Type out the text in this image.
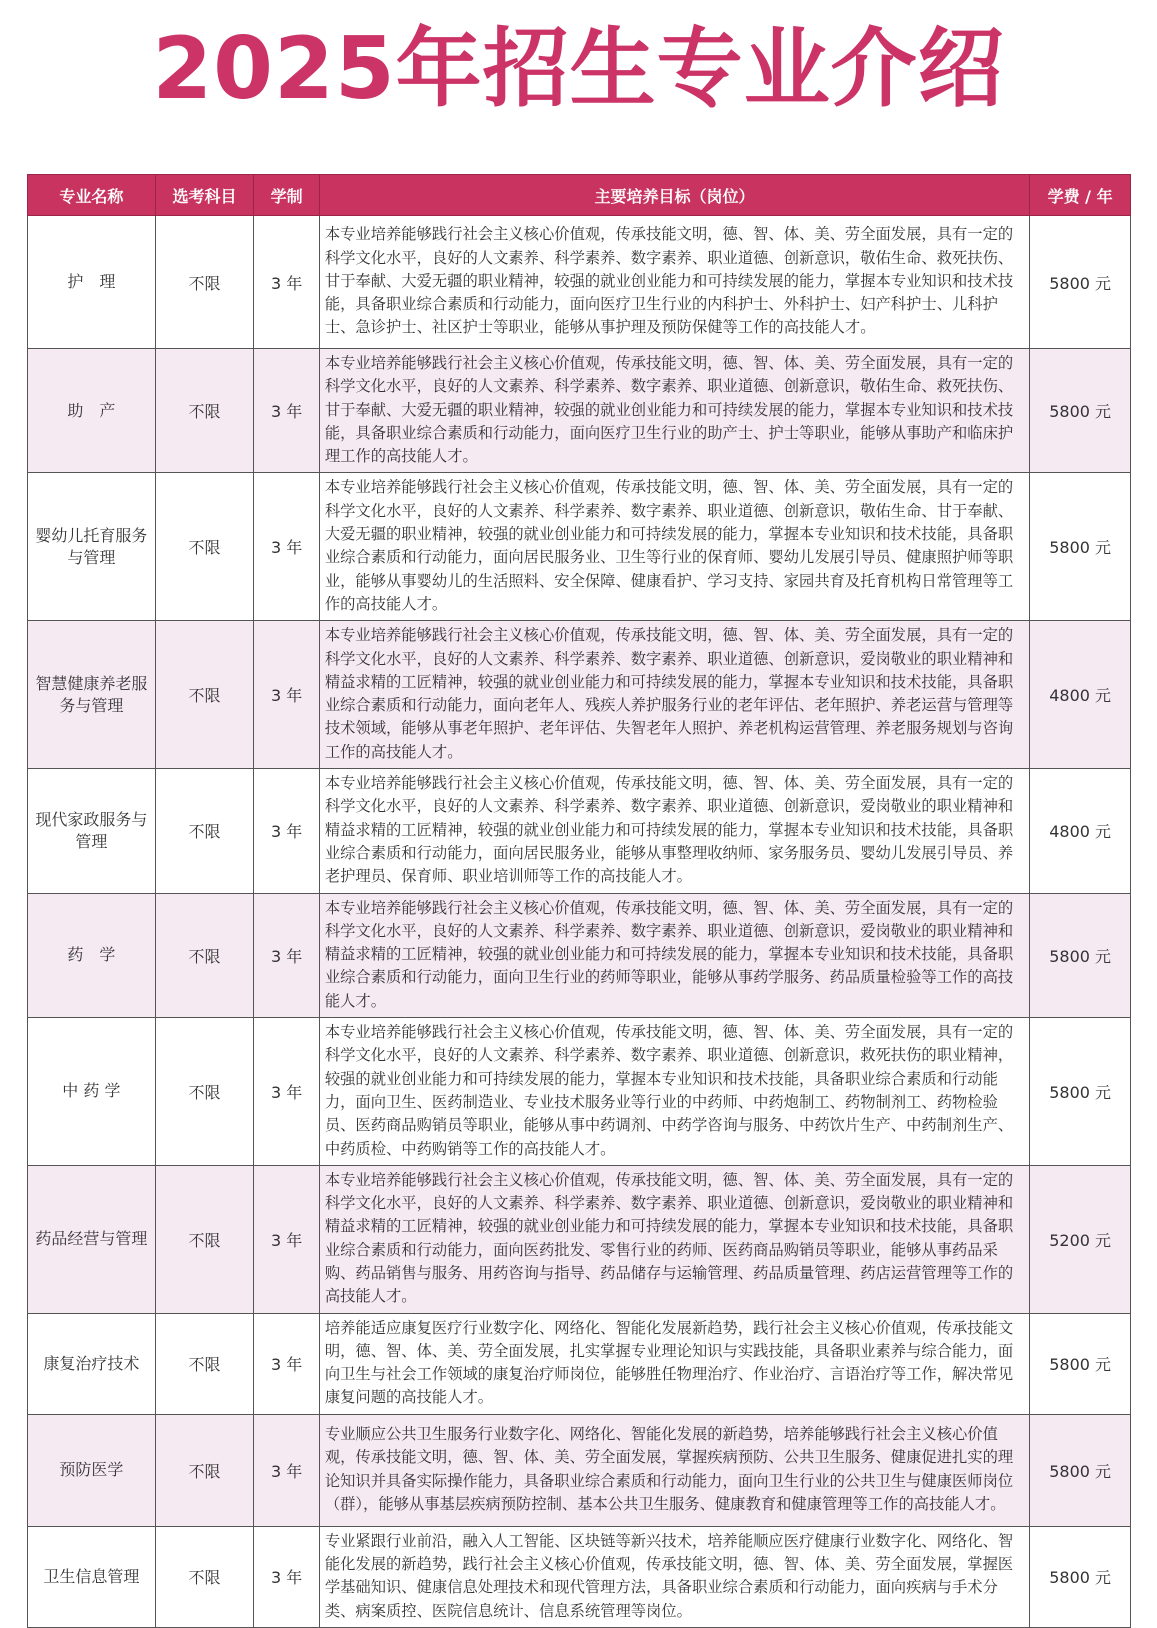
2025年招生专业介绍
专业名称	选考科目	学制	主要培养目标（岗位）	学费 / 年
护　理	不限	3 年	本专业培养能够践行社会主义核心价值观，传承技能文明，德、智、体、美、劳全面发展，具有一定的科学文化水平，良好的人文素养、科学素养、数字素养、职业道德、创新意识，敬佑生命、救死扶伤、甘于奉献、大爱无疆的职业精神，较强的就业创业能力和可持续发展的能力，掌握本专业知识和技术技能，具备职业综合素质和行动能力，面向医疗卫生行业的内科护士、外科护士、妇产科护士、儿科护士、急诊护士、社区护士等职业，能够从事护理及预防保健等工作的高技能人才。	5800 元
助　产	不限	3 年	本专业培养能够践行社会主义核心价值观，传承技能文明，德、智、体、美、劳全面发展，具有一定的科学文化水平，良好的人文素养、科学素养、数字素养、职业道德、创新意识，敬佑生命、救死扶伤、甘于奉献、大爱无疆的职业精神，较强的就业创业能力和可持续发展的能力，掌握本专业知识和技术技能，具备职业综合素质和行动能力，面向医疗卫生行业的助产士、护士等职业，能够从事助产和临床护理工作的高技能人才。	5800 元
婴幼儿托育服务与管理	不限	3 年	本专业培养能够践行社会主义核心价值观，传承技能文明，德、智、体、美、劳全面发展，具有一定的科学文化水平，良好的人文素养、科学素养、数字素养、职业道德、创新意识，敬佑生命、甘于奉献、大爱无疆的职业精神，较强的就业创业能力和可持续发展的能力，掌握本专业知识和技术技能，具备职业综合素质和行动能力，面向居民服务业、卫生等行业的保育师、婴幼儿发展引导员、健康照护师等职业，能够从事婴幼儿的生活照料、安全保障、健康看护、学习支持、家园共育及托育机构日常管理等工作的高技能人才。	5800 元
智慧健康养老服务与管理	不限	3 年	本专业培养能够践行社会主义核心价值观，传承技能文明，德、智、体、美、劳全面发展，具有一定的科学文化水平，良好的人文素养、科学素养、数字素养、职业道德、创新意识，爱岗敬业的职业精神和精益求精的工匠精神，较强的就业创业能力和可持续发展的能力，掌握本专业知识和技术技能，具备职业综合素质和行动能力，面向老年人、残疾人养护服务行业的老年评估、老年照护、养老运营与管理等技术领域，能够从事老年照护、老年评估、失智老年人照护、养老机构运营管理、养老服务规划与咨询工作的高技能人才。	4800 元
现代家政服务与管理	不限	3 年	本专业培养能够践行社会主义核心价值观，传承技能文明，德、智、体、美、劳全面发展，具有一定的科学文化水平，良好的人文素养、科学素养、数字素养、职业道德、创新意识，爱岗敬业的职业精神和精益求精的工匠精神，较强的就业创业能力和可持续发展的能力，掌握本专业知识和技术技能，具备职业综合素质和行动能力，面向居民服务业，能够从事整理收纳师、家务服务员、婴幼儿发展引导员、养老护理员、保育师、职业培训师等工作的高技能人才。	4800 元
药　学	不限	3 年	本专业培养能够践行社会主义核心价值观，传承技能文明，德、智、体、美、劳全面发展，具有一定的科学文化水平，良好的人文素养、科学素养、数字素养、职业道德、创新意识，爱岗敬业的职业精神和精益求精的工匠精神，较强的就业创业能力和可持续发展的能力，掌握本专业知识和技术技能，具备职业综合素质和行动能力，面向卫生行业的药师等职业，能够从事药学服务、药品质量检验等工作的高技能人才。	5800 元
中 药 学	不限	3 年	本专业培养能够践行社会主义核心价值观，传承技能文明，德、智、体、美、劳全面发展，具有一定的科学文化水平，良好的人文素养、科学素养、数字素养、职业道德、创新意识，救死扶伤的职业精神，较强的就业创业能力和可持续发展的能力，掌握本专业知识和技术技能，具备职业综合素质和行动能力，面向卫生、医药制造业、专业技术服务业等行业的中药师、中药炮制工、药物制剂工、药物检验员、医药商品购销员等职业，能够从事中药调剂、中药学咨询与服务、中药饮片生产、中药制剂生产、中药质检、中药购销等工作的高技能人才。	5800 元
药品经营与管理	不限	3 年	本专业培养能够践行社会主义核心价值观，传承技能文明，德、智、体、美、劳全面发展，具有一定的科学文化水平，良好的人文素养、科学素养、数字素养、职业道德、创新意识，爱岗敬业的职业精神和精益求精的工匠精神，较强的就业创业能力和可持续发展的能力，掌握本专业知识和技术技能，具备职业综合素质和行动能力，面向医药批发、零售行业的药师、医药商品购销员等职业，能够从事药品采购、药品销售与服务、用药咨询与指导、药品储存与运输管理、药品质量管理、药店运营管理等工作的高技能人才。	5200 元
康复治疗技术	不限	3 年	培养能适应康复医疗行业数字化、网络化、智能化发展新趋势，践行社会主义核心价值观，传承技能文明，德、智、体、美、劳全面发展，扎实掌握专业理论知识与实践技能，具备职业素养与综合能力，面向卫生与社会工作领域的康复治疗师岗位，能够胜任物理治疗、作业治疗、言语治疗等工作，解决常见康复问题的高技能人才。	5800 元
预防医学	不限	3 年	专业顺应公共卫生服务行业数字化、网络化、智能化发展的新趋势，培养能够践行社会主义核心价值观，传承技能文明，德、智、体、美、劳全面发展，掌握疾病预防、公共卫生服务、健康促进扎实的理论知识并具备实际操作能力，具备职业综合素质和行动能力，面向卫生行业的公共卫生与健康医师岗位（群），能够从事基层疾病预防控制、基本公共卫生服务、健康教育和健康管理等工作的高技能人才。	5800 元
卫生信息管理	不限	3 年	专业紧跟行业前沿，融入人工智能、区块链等新兴技术，培养能顺应医疗健康行业数字化、网络化、智能化发展的新趋势，践行社会主义核心价值观，传承技能文明，德、智、体、美、劳全面发展，掌握医学基础知识、健康信息处理技术和现代管理方法，具备职业综合素质和行动能力，面向疾病与手术分类、病案质控、医院信息统计、信息系统管理等岗位。	5800 元
